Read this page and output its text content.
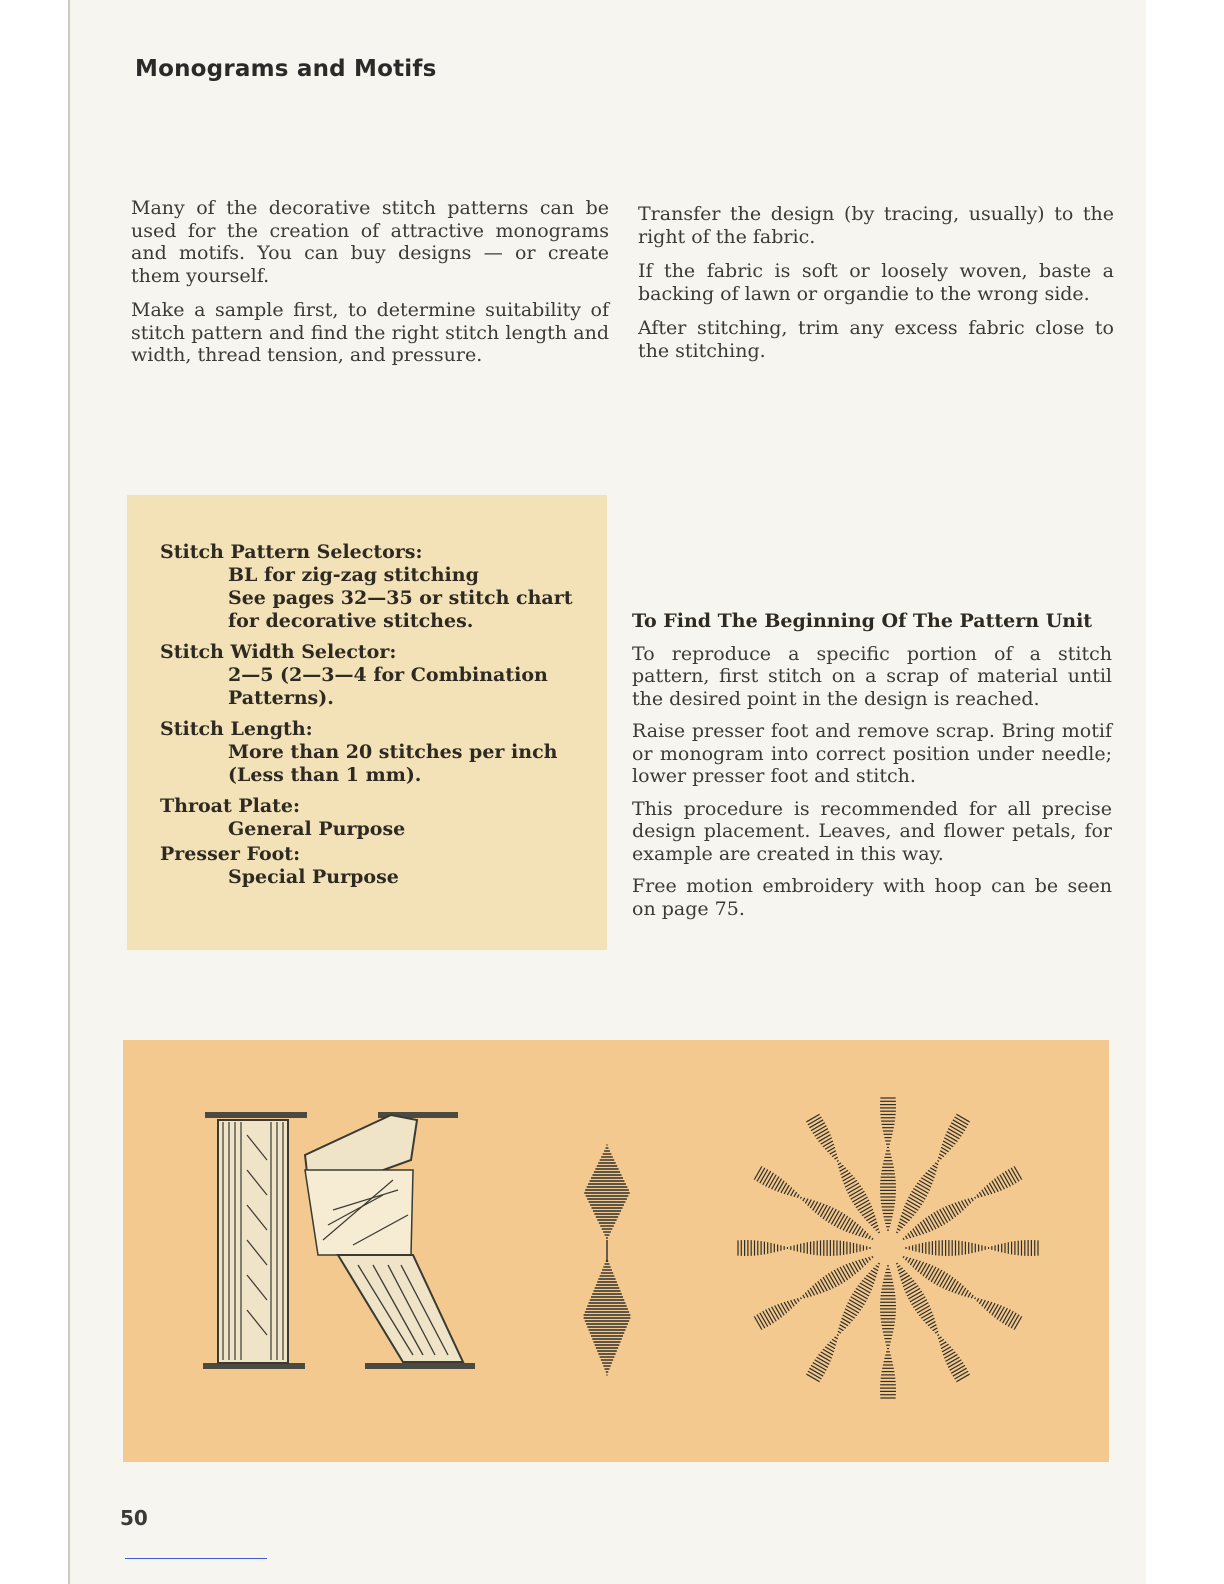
Monograms and Motifs

Many of the decorative stitch patterns can be used for the creation of attractive monograms and motifs. You can buy designs — or create them yourself.

Make a sample first, to determine suitability of stitch pattern and find the right stitch length and width, thread tension, and pressure.

Transfer the design (by tracing, usually) to the right of the fabric.

If the fabric is soft or loosely woven, baste a backing of lawn or organdie to the wrong side.

After stitching, trim any excess fabric close to the stitching.

Stitch Pattern Selectors:
BL for zig-zag stitching
See pages 32—35 or stitch chart for decorative stitches.
Stitch Width Selector:
2—5 (2—3—4 for Combination Patterns).
Stitch Length:
More than 20 stitches per inch (Less than 1 mm).
Throat Plate:
General Purpose
Presser Foot:
Special Purpose
To Find The Beginning Of The Pattern Unit

To reproduce a specific portion of a stitch pattern, first stitch on a scrap of material until the desired point in the design is reached.

Raise presser foot and remove scrap. Bring motif or monogram into correct position under needle; lower presser foot and stitch.

This procedure is recommended for all precise design placement. Leaves, and flower petals, for example are created in this way.

Free motion embroidery with hoop can be seen on page 75.

50
